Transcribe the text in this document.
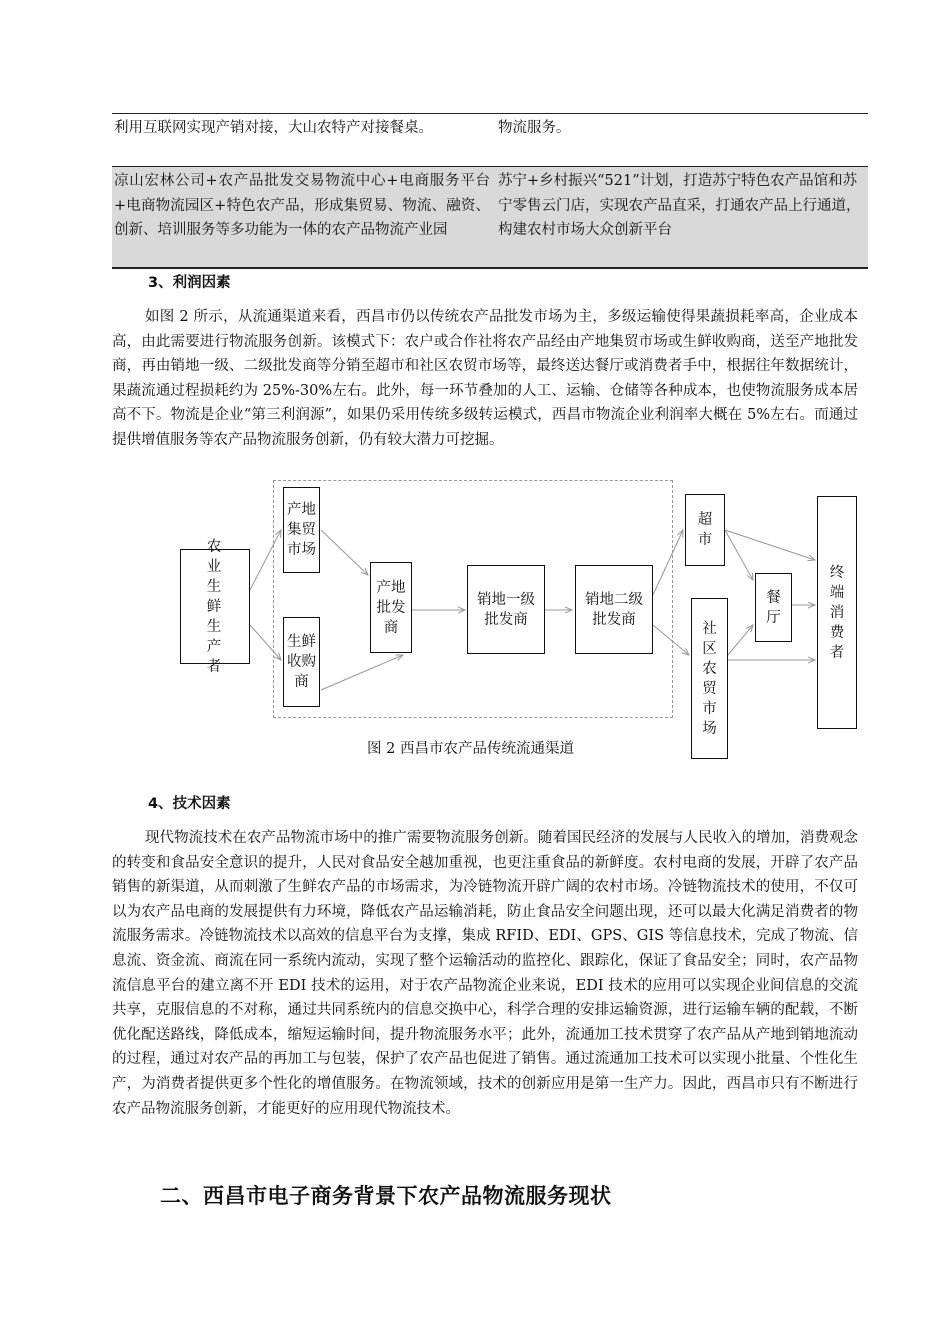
利用互联网实现产销对接，大山农特产对接餐桌。	物流服务。
凉山宏林公司+农产品批发交易物流中心+电商服务平台+电商物流园区+特色农产品，形成集贸易、物流、融资、创新、培训服务等多功能为一体的农产品物流产业园
苏宁+乡村振兴“521”计划，打造苏宁特色农产品馆和苏宁零售云门店，实现农产品直采，打通农产品上行通道，构建农村市场大众创新平台
3、利润因素
如图 2 所示，从流通渠道来看，西昌市仍以传统农产品批发市场为主，多级运输使得果蔬损耗率高，企业成本高，由此需要进行物流服务创新。该模式下：农户或合作社将农产品经由产地集贸市场或生鲜收购商，送至产地批发商，再由销地一级、二级批发商等分销至超市和社区农贸市场等，最终送达餐厅或消费者手中，根据往年数据统计，果蔬流通过程损耗约为 25%-30%左右。此外，每一环节叠加的人工、运输、仓储等各种成本，也使物流服务成本居高不下。物流是企业“第三利润源”，如果仍采用传统多级转运模式，西昌市物流企业利润率大概在 5%左右。而通过提供增值服务等农产品物流服务创新，仍有较大潜力可挖掘。
农业生鲜生产者
产地集贸市场
生鲜收购商
产地批发商
销地一级批发商
销地二级批发商
超市
社区农贸市场
餐厅
终端消费者
图 2 西昌市农产品传统流通渠道
4、技术因素
现代物流技术在农产品物流市场中的推广需要物流服务创新。随着国民经济的发展与人民收入的增加，消费观念的转变和食品安全意识的提升，人民对食品安全越加重视，也更注重食品的新鲜度。农村电商的发展，开辟了农产品销售的新渠道，从而刺激了生鲜农产品的市场需求，为冷链物流开辟广阔的农村市场。冷链物流技术的使用，不仅可以为农产品电商的发展提供有力环境，降低农产品运输消耗，防止食品安全问题出现，还可以最大化满足消费者的物流服务需求。冷链物流技术以高效的信息平台为支撑，集成 RFID、EDI、GPS、GIS 等信息技术，完成了物流、信息流、资金流、商流在同一系统内流动，实现了整个运输活动的监控化、跟踪化，保证了食品安全；同时，农产品物流信息平台的建立离不开 EDI 技术的运用，对于农产品物流企业来说，EDI 技术的应用可以实现企业间信息的交流共享，克服信息的不对称，通过共同系统内的信息交换中心，科学合理的安排运输资源，进行运输车辆的配载，不断优化配送路线，降低成本，缩短运输时间，提升物流服务水平；此外，流通加工技术贯穿了农产品从产地到销地流动的过程，通过对农产品的再加工与包装，保护了农产品也促进了销售。通过流通加工技术可以实现小批量、个性化生产，为消费者提供更多个性化的增值服务。在物流领域，技术的创新应用是第一生产力。因此，西昌市只有不断进行农产品物流服务创新，才能更好的应用现代物流技术。
二、西昌市电子商务背景下农产品物流服务现状
